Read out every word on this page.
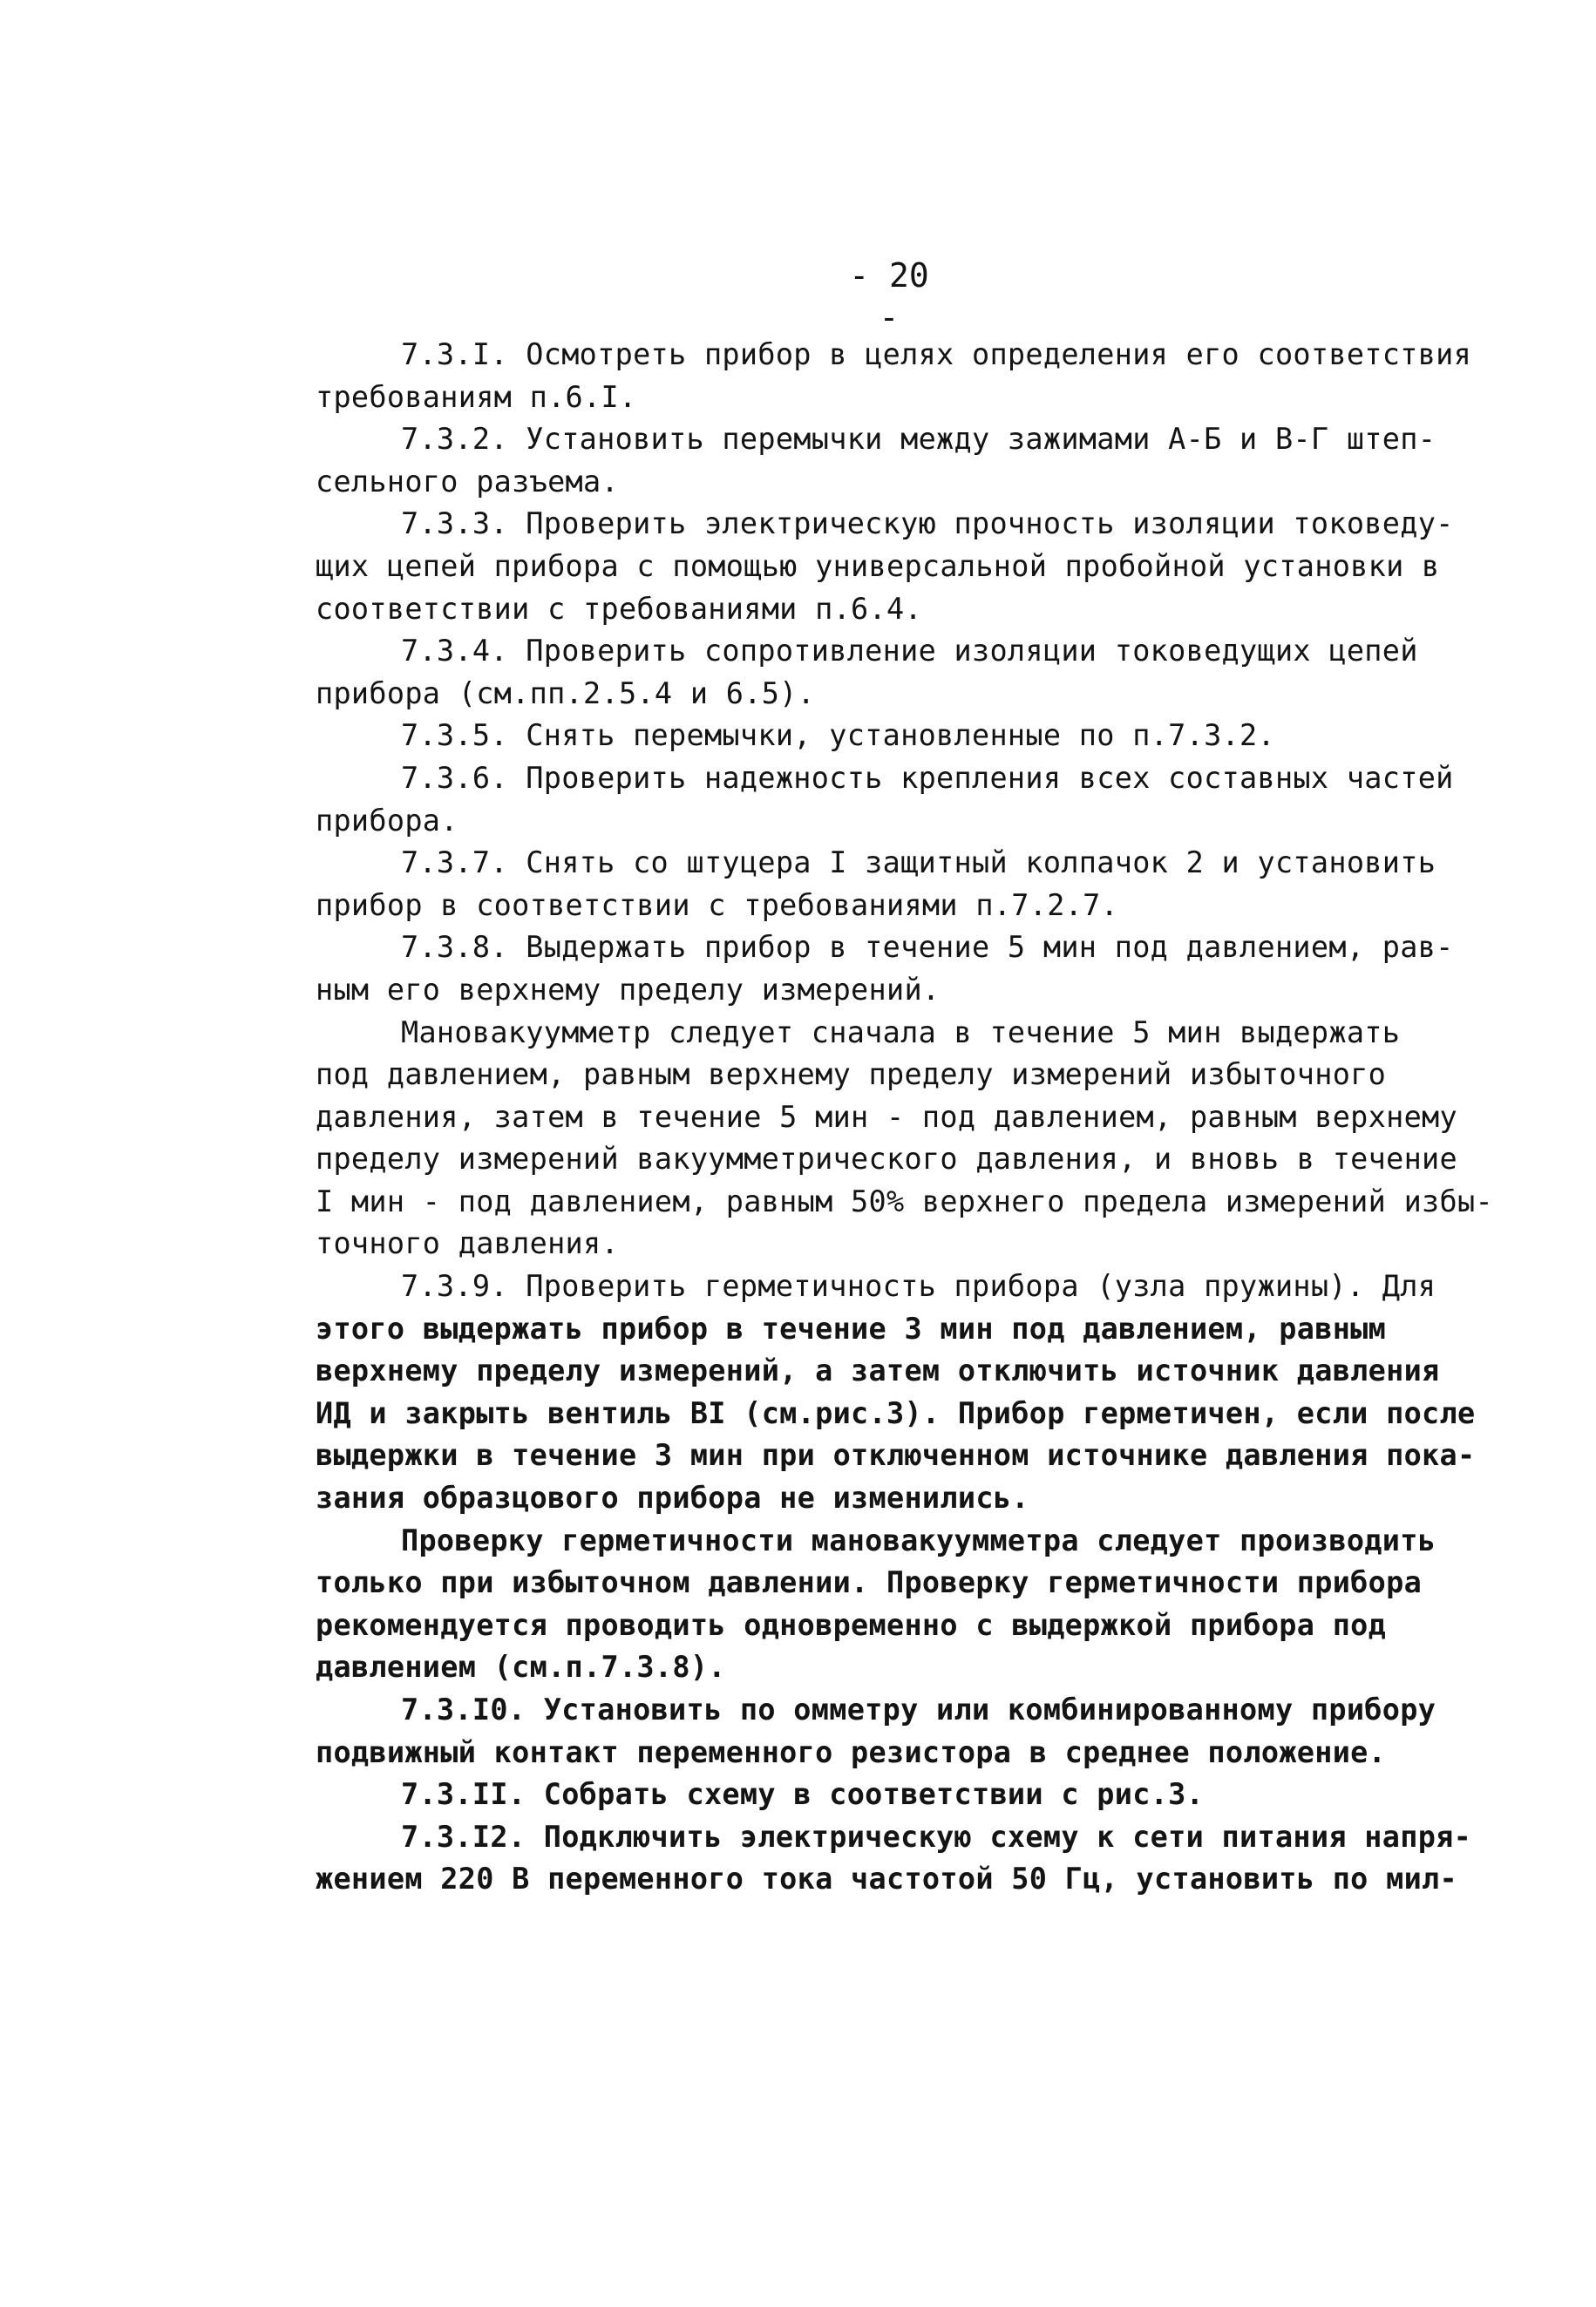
- 20 -
7.3.I. Осмотреть прибор в целях определения его соответствия
требованиям п.6.I.
7.3.2. Установить перемычки между зажимами А-Б и В-Г штеп-
сельного разъема.
7.3.3. Проверить электрическую прочность изоляции токоведу-
щих цепей прибора с помощью универсальной пробойной установки в
соответствии с требованиями п.6.4.
7.3.4. Проверить сопротивление изоляции токоведущих цепей
прибора (см.пп.2.5.4 и 6.5).
7.3.5. Снять перемычки, установленные по п.7.3.2.
7.3.6. Проверить надежность крепления всех составных частей
прибора.
7.3.7. Снять со штуцера I защитный колпачок 2 и установить
прибор в соответствии с требованиями п.7.2.7.
7.3.8. Выдержать прибор в течение 5 мин под давлением, рав-
ным его верхнему пределу измерений.
Мановакуумметр следует сначала в течение 5 мин выдержать
под давлением, равным верхнему пределу измерений избыточного
давления, затем в течение 5 мин - под давлением, равным верхнему
пределу измерений вакуумметрического давления, и вновь в течение
I мин - под давлением, равным 50% верхнего предела измерений избы-
точного давления.
7.3.9. Проверить герметичность прибора (узла пружины). Для
этого выдержать прибор в течение 3 мин под давлением, равным
верхнему пределу измерений, а затем отключить источник давления
ИД и закрыть вентиль ВI (см.рис.3). Прибор герметичен, если после
выдержки в течение 3 мин при отключенном источнике давления пока-
зания образцового прибора не изменились.
Проверку герметичности мановакуумметра следует производить
только при избыточном давлении. Проверку герметичности прибора
рекомендуется проводить одновременно с выдержкой прибора под
давлением (см.п.7.3.8).
7.3.I0. Установить по омметру или комбинированному прибору
подвижный контакт переменного резистора в среднее положение.
7.3.II. Собрать схему в соответствии с рис.3.
7.3.I2. Подключить электрическую схему к сети питания напря-
жением 220 В переменного тока частотой 50 Гц, установить по мил-
